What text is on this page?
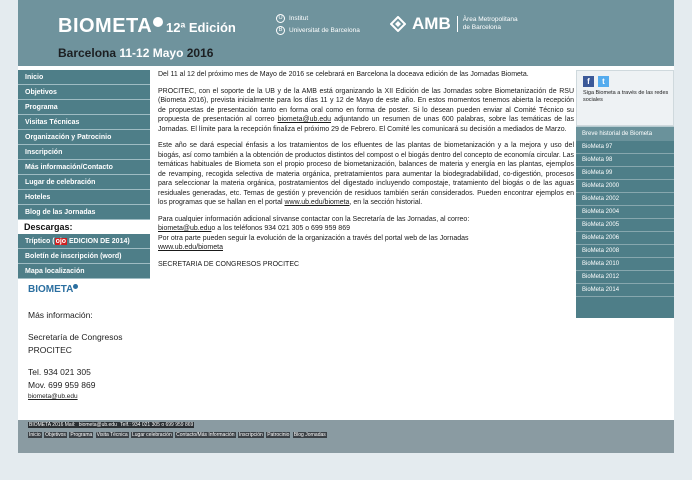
BIOMETA	12ª Edición
Barcelona 11-12 Mayo 2016
U Institut
B	Universitat de Barcelona	AMB	Àrea Metropolitana
de Barcelona
Inicio
Objetivos
Programa
Visitas Técnicas
Organización y Patrocinio
Inscripción
Más información/Contacto
Lugar de celebración
Hoteles
Blog de las Jornadas
Descargas:
Tríptico (ojo EDICION DE 2014)
Boletín de inscripción (word)
Mapa localización
BIOMETA
Más información:
Secretaría de Congresos
PROCITEC
Tel. 934 021 305
Mov. 699 959 869
biometa@ub.edu

Del 11 al 12 del próximo mes de Mayo de 2016 se celebrará en Barcelona la doceava edición de las Jornadas Biometa.

PROCITEC, con el soporte de la UB y de la AMB está organizando la XII Edición de las Jornadas sobre Biometanización de RSU (Biometa 2016), prevista inicialmente para los días 11 y 12 de Mayo de este año. En estos momentos tenemos abierta la recepción de propuestas de presentación tanto en forma oral como en forma de poster. Si lo desean pueden enviar al Comité Técnico su propuesta de presentación al correo biometa@ub.edu adjuntando un resumen de unas 600 palabras, sobre las temáticas de las Jornadas. El límite para la recepción finaliza el próximo 29 de Febrero. El Comité les comunicará su decisión a mediados de Marzo.

Este año se dará especial énfasis a los tratamientos de los efluentes de las plantas de biometanización y a la mejora y uso del biogás, así como también a la obtención de productos distintos del compost o el biogás dentro del concepto de economía circular. Las temáticas habituales de Biometa son el propio proceso de biometanización, balances de materia y energía en las plantas, ejemplos de revamping, recogida selectiva de materia orgánica, pretratamientos para aumentar la biodegradabilidad, co-digestión, procesos para seleccionar la materia orgánica, postratamientos del digestado incluyendo compostaje, tratamiento del biogás o de las aguas residuales generadas, etc. Temas de gestión y prevención de residuos también serán considerados. Pueden encontrar ejemplos en los programas que se hallan en el portal www.ub.edu/biometa, en la sección historial.

Para cualquier información adicional sírvanse contactar con la Secretaría de las Jornadas, al correo:
biometa@ub.eduo a los teléfonos 934 021 305 o 699 959 869
Por otra parte pueden seguir la evolución de la organización a través del portal web de las Jornadas
www.ub.edu/biometa

SECRETARIA DE CONGRESOS PROCITEC

f	t
Siga Biometa a través de las redes sociales
Breve historial de Biometa
BioMeta 97
BioMeta 98
BioMeta 99
BioMeta 2000
BioMeta 2002
BioMeta 2004
BioMeta 2005
BioMeta 2006
BioMeta 2008
BioMeta 2010
BioMeta 2012
BioMeta 2014
BIOMETA 2016 Mail: biometa@ub.edu Telf.: 934 021 305 o 699 959 869
Inicio Objetivos Programa Visita Técnica Lugar celebración Contacto/Más Información Inscripción Patrocinio Blog Jornadas
